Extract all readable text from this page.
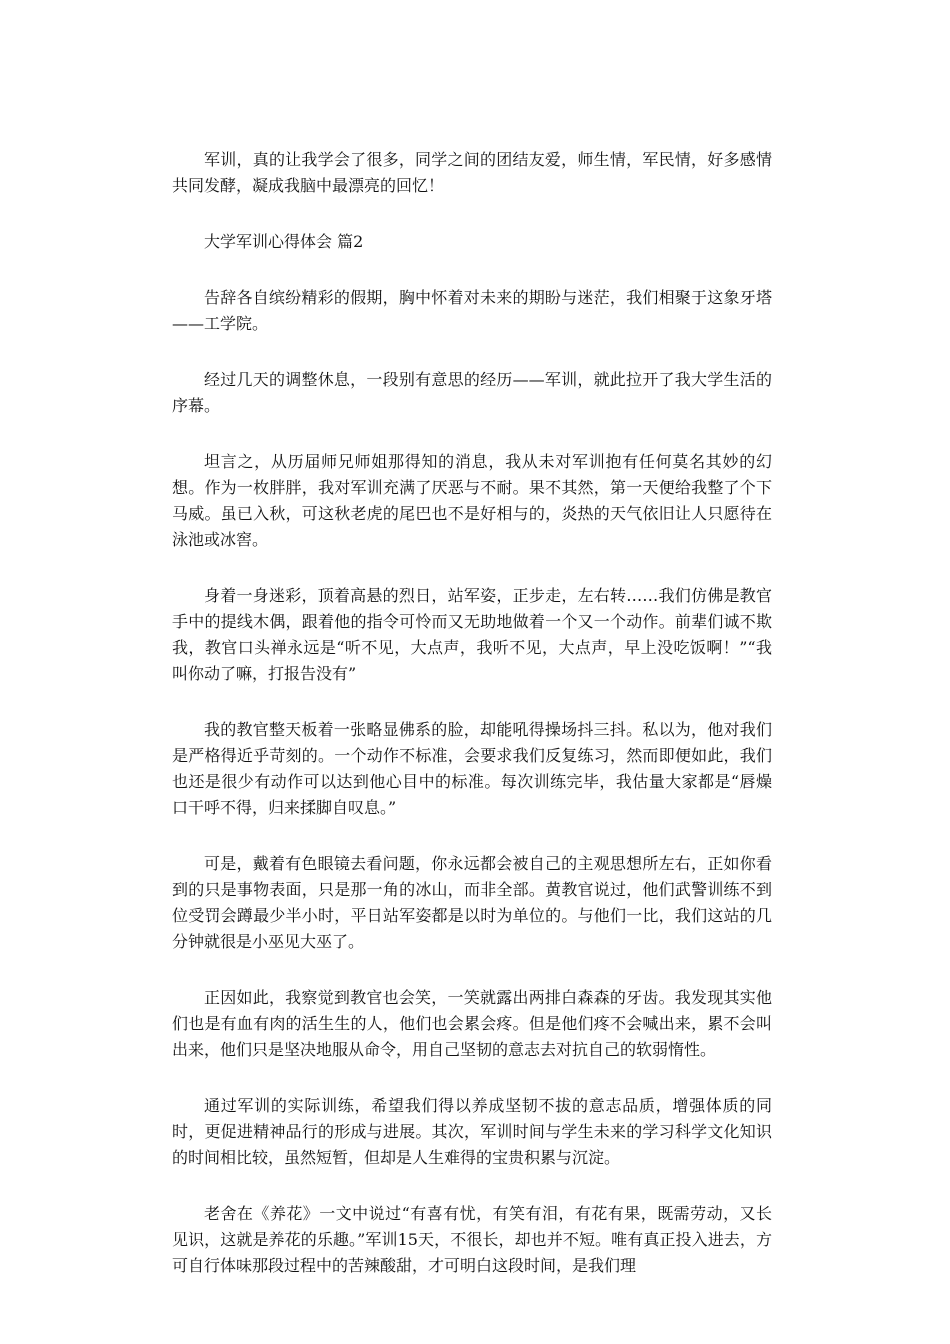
军训，真的让我学会了很多，同学之间的团结友爱，师生情，军民情，好多感情共同发酵，凝成我脑中最漂亮的回忆！

大学军训心得体会 篇2

告辞各自缤纷精彩的假期，胸中怀着对未来的期盼与迷茫，我们相聚于这象牙塔——工学院。

经过几天的调整休息，一段别有意思的经历——军训，就此拉开了我大学生活的序幕。

坦言之，从历届师兄师姐那得知的消息，我从未对军训抱有任何莫名其妙的幻想。作为一枚胖胖，我对军训充满了厌恶与不耐。果不其然，第一天便给我整了个下马威。虽已入秋，可这秋老虎的尾巴也不是好相与的，炎热的天气依旧让人只愿待在泳池或冰窖。

身着一身迷彩，顶着高悬的烈日，站军姿，正步走，左右转……我们仿佛是教官手中的提线木偶，跟着他的指令可怜而又无助地做着一个又一个动作。前辈们诚不欺我，教官口头禅永远是“听不见，大点声，我听不见，大点声，早上没吃饭啊！”“我叫你动了嘛，打报告没有”

我的教官整天板着一张略显佛系的脸，却能吼得操场抖三抖。私以为，他对我们是严格得近乎苛刻的。一个动作不标准，会要求我们反复练习，然而即便如此，我们也还是很少有动作可以达到他心目中的标准。每次训练完毕，我估量大家都是“唇燥口干呼不得，归来揉脚自叹息。”

可是，戴着有色眼镜去看问题，你永远都会被自己的主观思想所左右，正如你看到的只是事物表面，只是那一角的冰山，而非全部。黄教官说过，他们武警训练不到位受罚会蹲最少半小时，平日站军姿都是以时为单位的。与他们一比，我们这站的几分钟就很是小巫见大巫了。

正因如此，我察觉到教官也会笑，一笑就露出两排白森森的牙齿。我发现其实他们也是有血有肉的活生生的人，他们也会累会疼。但是他们疼不会喊出来，累不会叫出来，他们只是坚决地服从命令，用自己坚韧的意志去对抗自己的软弱惰性。

通过军训的实际训练，希望我们得以养成坚韧不拔的意志品质，增强体质的同时，更促进精神品行的形成与进展。其次，军训时间与学生未来的学习科学文化知识的时间相比较，虽然短暂，但却是人生难得的宝贵积累与沉淀。

老舍在《养花》一文中说过“有喜有忧，有笑有泪，有花有果，既需劳动，又长见识，这就是养花的乐趣。”军训15天，不很长，却也并不短。唯有真正投入进去，方可自行体味那段过程中的苦辣酸甜，才可明白这段时间，是我们理
